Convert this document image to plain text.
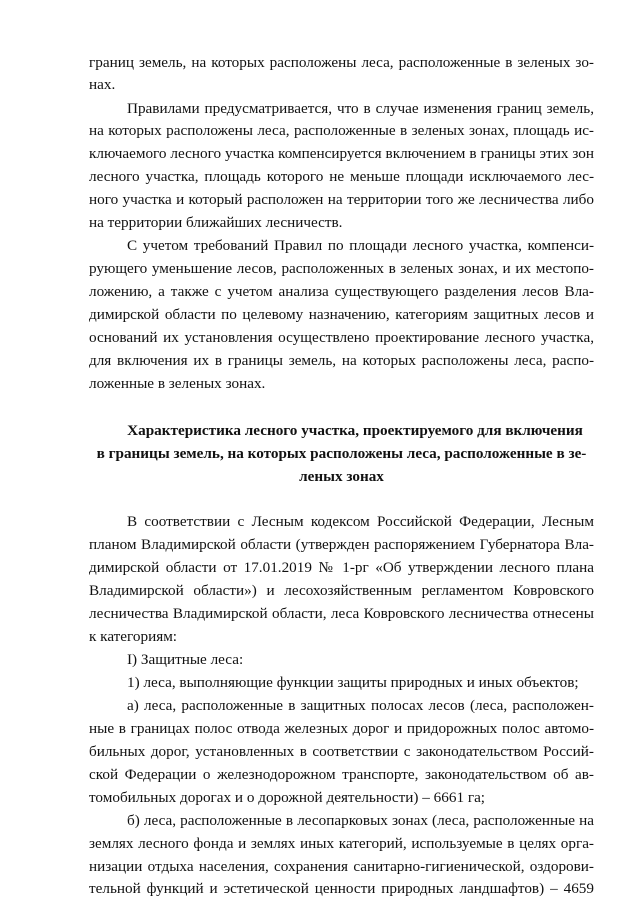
границ земель, на которых расположены леса, расположенные в зеленых зо-
нах.
Правилами предусматривается, что в случае изменения границ земель,
на которых расположены леса, расположенные в зеленых зонах, площадь ис-
ключаемого лесного участка компенсируется включением в границы этих зон
лесного участка, площадь которого не меньше площади исключаемого лес-
ного участка и который расположен на территории того же лесничества либо
на территории ближайших лесничеств.
С учетом требований Правил по площади лесного участка, компенси-
рующего уменьшение лесов, расположенных в зеленых зонах, и их местопо-
ложению, а также с учетом анализа существующего разделения лесов Вла-
димирской области по целевому назначению, категориям защитных лесов и
оснований их установления осуществлено проектирование лесного участка,
для включения их в границы земель, на которых расположены леса, распо-
ложенные в зеленых зонах.
Характеристика лесного участка, проектируемого для включения
в границы земель, на которых расположены леса, расположенные в зе-
леных зонах
В соответствии с Лесным кодексом Российской Федерации, Лесным
планом Владимирской области (утвержден распоряжением Губернатора Вла-
димирской области от 17.01.2019 № 1-рг «Об утверждении лесного плана
Владимирской области») и лесохозяйственным регламентом Ковровского
лесничества Владимирской области, леса Ковровского лесничества отнесены
к категориям:
I) Защитные леса:
1) леса, выполняющие функции защиты природных и иных объектов;
а) леса, расположенные в защитных полосах лесов (леса, расположен-
ные в границах полос отвода железных дорог и придорожных полос автомо-
бильных дорог, установленных в соответствии с законодательством Россий-
ской Федерации о железнодорожном транспорте, законодательством об ав-
томобильных дорогах и о дорожной деятельности) – 6661 га;
б) леса, расположенные в лесопарковых зонах (леса, расположенные на
землях лесного фонда и землях иных категорий, используемые в целях орга-
низации отдыха населения, сохранения санитарно-гигиенической, оздорови-
тельной функций и эстетической ценности природных ландшафтов) – 4659
